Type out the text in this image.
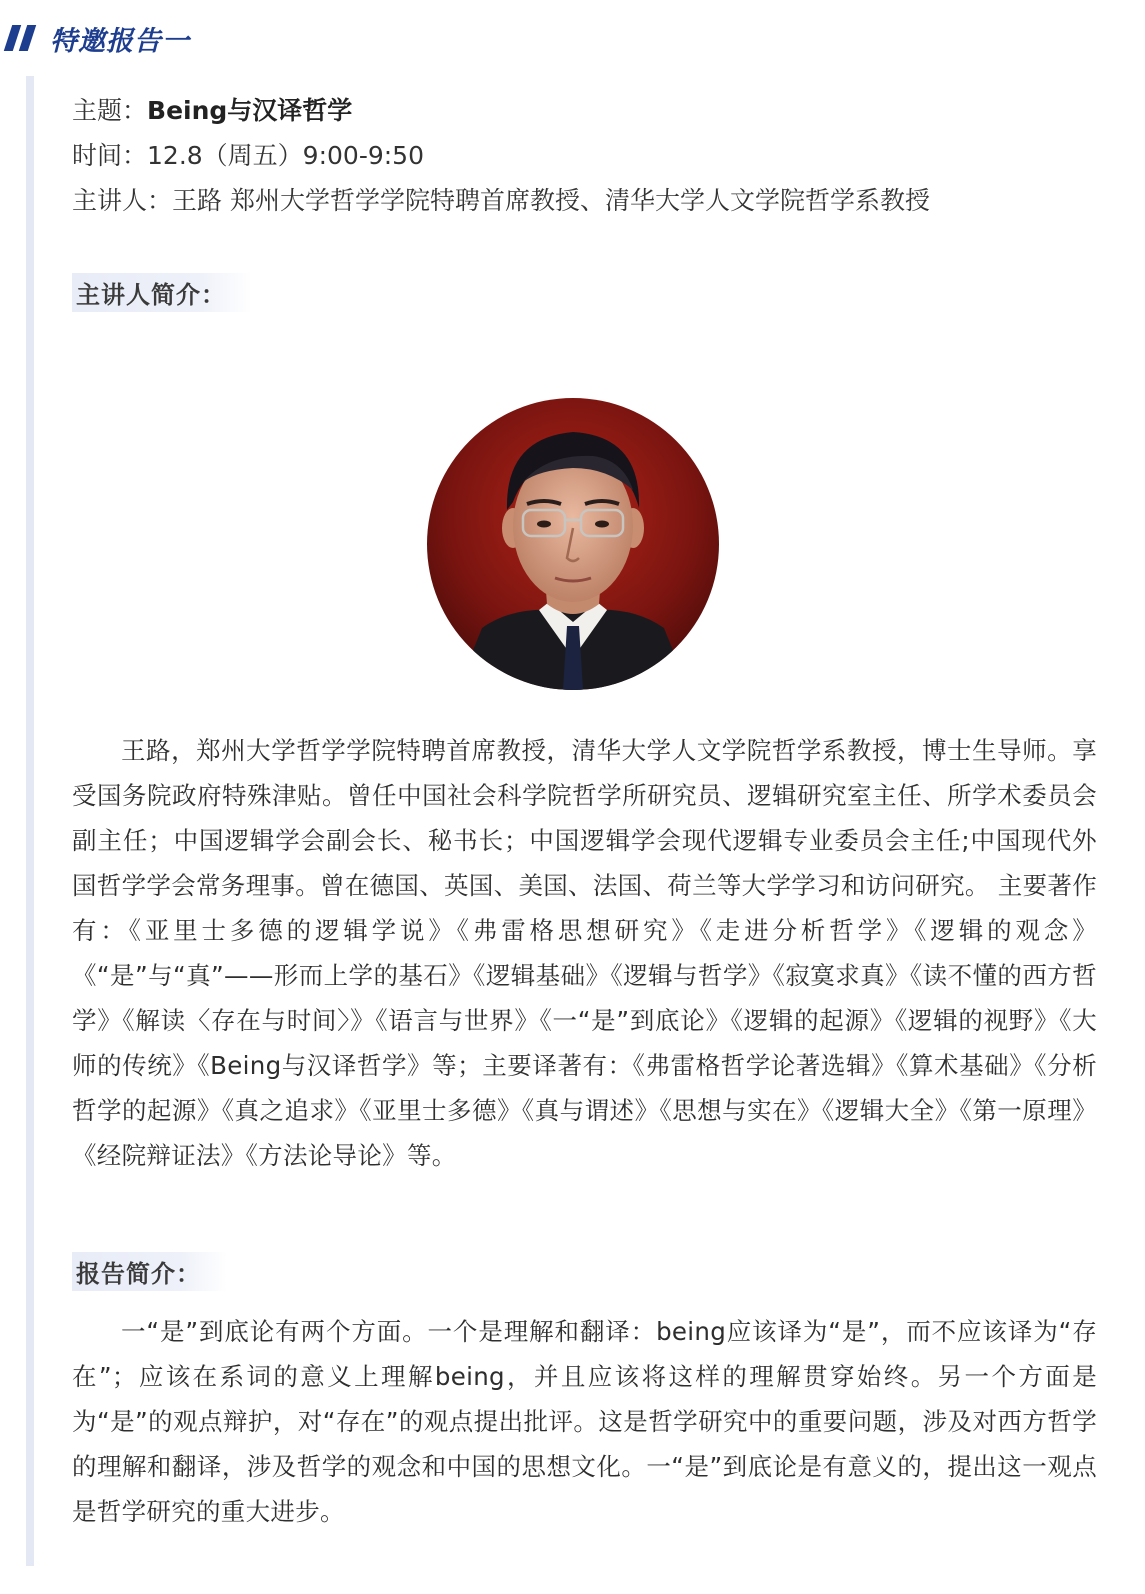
特邀报告一
主题：Being与汉译哲学
时间：12.8（周五）9:00-9:50
主讲人：王路 郑州大学哲学学院特聘首席教授、清华大学人文学院哲学系教授
主讲人简介：
王路，郑州大学哲学学院特聘首席教授，清华大学人文学院哲学系教授，博士生导师。享受国务院政府特殊津贴。曾任中国社会科学院哲学所研究员、逻辑研究室主任、所学术委员会副主任；中国逻辑学会副会长、秘书长；中国逻辑学会现代逻辑专业委员会主任;中国现代外国哲学学会常务理事。曾在德国、英国、美国、法国、荷兰等大学学习和访问研究。 主要著作有：《亚里士多德的逻辑学说》《弗雷格思想研究》《走进分析哲学》《逻辑的观念》《“是”与“真”——形而上学的基石》《逻辑基础》《逻辑与哲学》《寂寞求真》《读不懂的西方哲学》《解读〈存在与时间〉》《语言与世界》《一“是”到底论》《逻辑的起源》《逻辑的视野》《大师的传统》《Being与汉译哲学》等；主要译著有：《弗雷格哲学论著选辑》《算术基础》《分析哲学的起源》《真之追求》《亚里士多德》《真与谓述》《思想与实在》《逻辑大全》《第一原理》《经院辩证法》《方法论导论》等。
报告简介：
一“是”到底论有两个方面。一个是理解和翻译：being应该译为“是”，而不应该译为“存在”；应该在系词的意义上理解being，并且应该将这样的理解贯穿始终。另一个方面是为“是”的观点辩护，对“存在”的观点提出批评。这是哲学研究中的重要问题，涉及对西方哲学的理解和翻译，涉及哲学的观念和中国的思想文化。一“是”到底论是有意义的，提出这一观点是哲学研究的重大进步。
